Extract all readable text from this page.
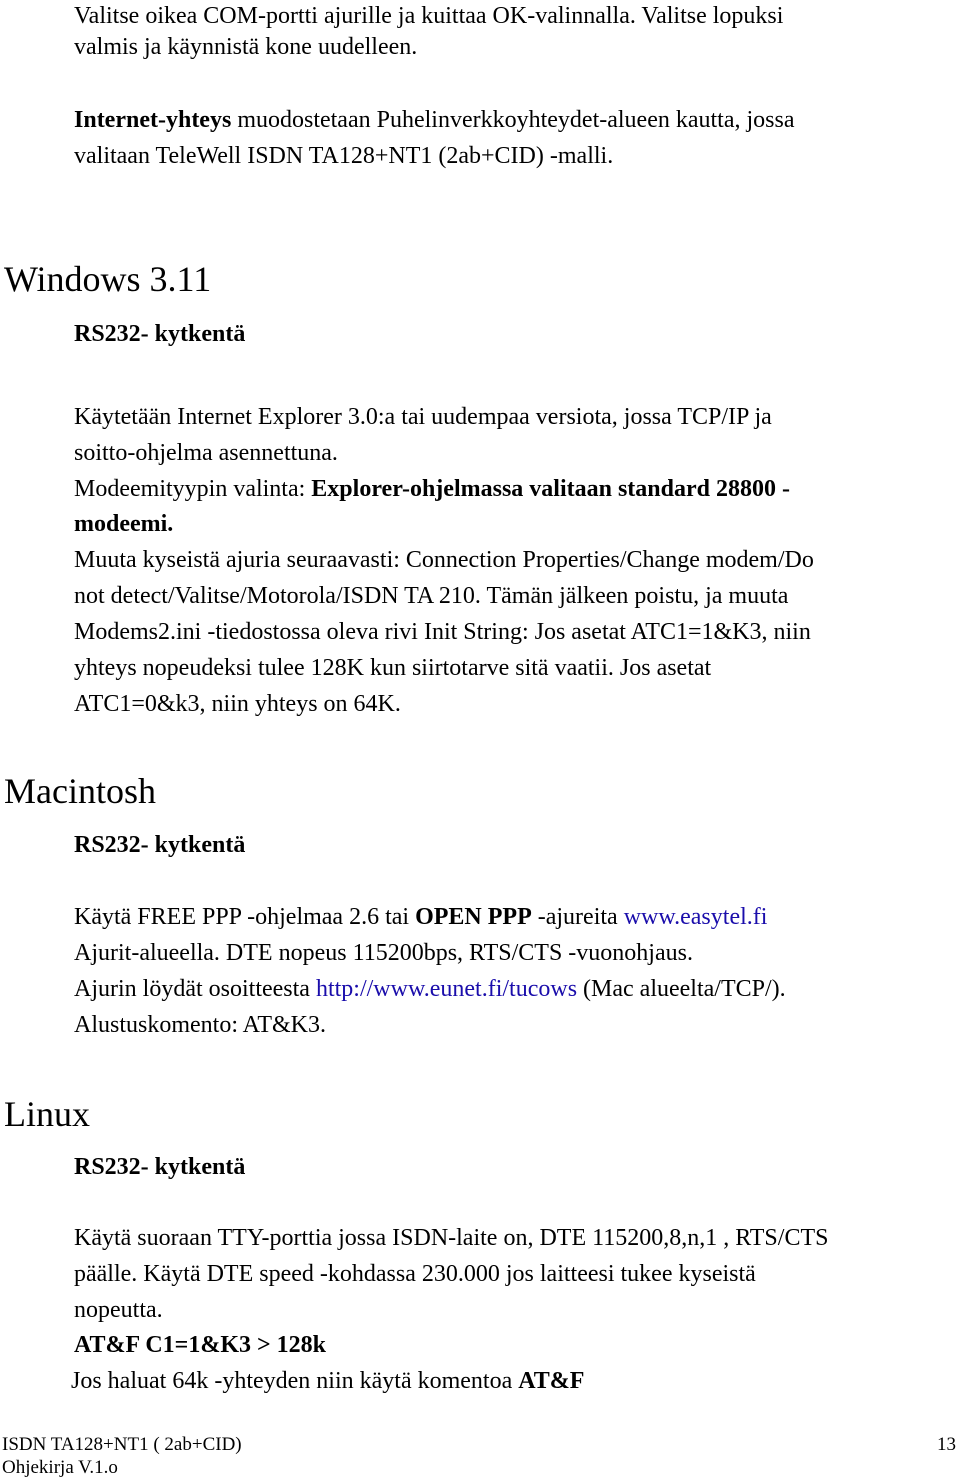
Valitse oikea COM-portti ajurille ja kuittaa OK-valinnalla. Valitse lopuksi
valmis ja käynnistä kone uudelleen.
Internet-yhteys muodostetaan Puhelinverkkoyhteydet-alueen kautta, jossa
valitaan TeleWell ISDN TA128+NT1 (2ab+CID) -malli.
Windows 3.11
RS232- kytkentä
Käytetään Internet Explorer 3.0:a tai uudempaa versiota, jossa TCP/IP ja
soitto-ohjelma asennettuna.
Modeemityypin valinta: Explorer-ohjelmassa valitaan standard 28800 -
modeemi.
Muuta kyseistä ajuria seuraavasti: Connection Properties/Change modem/Do
not detect/Valitse/Motorola/ISDN TA 210. Tämän jälkeen poistu, ja muuta
Modems2.ini -tiedostossa oleva rivi Init String: Jos asetat ATC1=1&K3, niin
yhteys nopeudeksi tulee 128K kun siirtotarve sitä vaatii. Jos asetat
ATC1=0&k3, niin yhteys on 64K.
Macintosh
RS232- kytkentä
Käytä FREE PPP -ohjelmaa 2.6 tai OPEN PPP -ajureita www.easytel.fi
Ajurit-alueella. DTE nopeus 115200bps, RTS/CTS -vuonohjaus.
Ajurin löydät osoitteesta http://www.eunet.fi/tucows (Mac alueelta/TCP/).
Alustuskomento: AT&K3.
Linux
RS232- kytkentä
Käytä suoraan TTY-porttia jossa ISDN-laite on, DTE 115200,8,n,1 , RTS/CTS
päälle. Käytä DTE speed -kohdassa 230.000 jos laitteesi tukee kyseistä
nopeutta.
AT&F C1=1&K3 > 128k
Jos haluat 64k -yhteyden niin käytä komentoa AT&F
ISDN TA128+NT1 ( 2ab+CID)
Ohjekirja V.1.o
13
